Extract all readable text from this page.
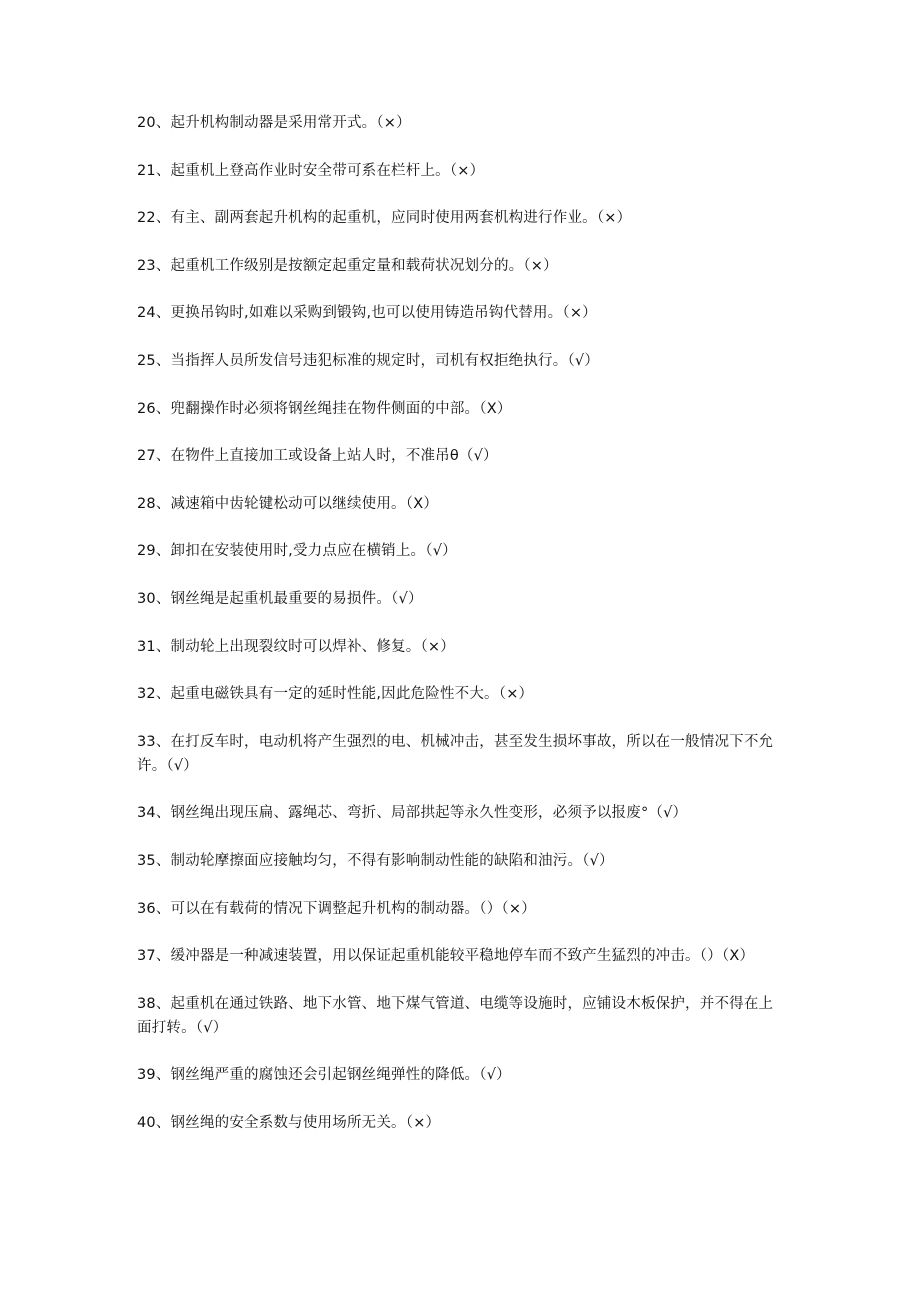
20、起升机构制动器是采用常开式。（×）
21、起重机上登高作业时安全带可系在栏杆上。（×）
22、有主、副两套起升机构的起重机，应同时使用两套机构进行作业。（×）
23、起重机工作级别是按额定起重定量和载荷状况划分的。（×）
24、更换吊钩时,如难以采购到锻钩,也可以使用铸造吊钩代替用。（×）
25、当指挥人员所发信号违犯标准的规定时，司机有权拒绝执行。（√）
26、兜翻操作时必须将钢丝绳挂在物件侧面的中部。（X）
27、在物件上直接加工或设备上站人时，不准吊θ（√）
28、减速箱中齿轮键松动可以继续使用。（X）
29、卸扣在安装使用时,受力点应在横销上。（√）
30、钢丝绳是起重机最重要的易损件。（√）
31、制动轮上出现裂纹时可以焊补、修复。（×）
32、起重电磁铁具有一定的延时性能,因此危险性不大。（×）
33、在打反车时，电动机将产生强烈的电、机械冲击，甚至发生损坏事故，所以在一般情况下不允许。（√）
34、钢丝绳出现压扁、露绳芯、弯折、局部拱起等永久性变形，必须予以报废°（√）
35、制动轮摩擦面应接触均匀，不得有影响制动性能的缺陷和油污。（√）
36、可以在有载荷的情况下调整起升机构的制动器。（）（×）
37、缓冲器是一种减速装置，用以保证起重机能较平稳地停车而不致产生猛烈的冲击。（）（X）
38、起重机在通过铁路、地下水管、地下煤气管道、电缆等设施时，应铺设木板保护，并不得在上面打转。（√）
39、钢丝绳严重的腐蚀还会引起钢丝绳弹性的降低。（√）
40、钢丝绳的安全系数与使用场所无关。（×）
